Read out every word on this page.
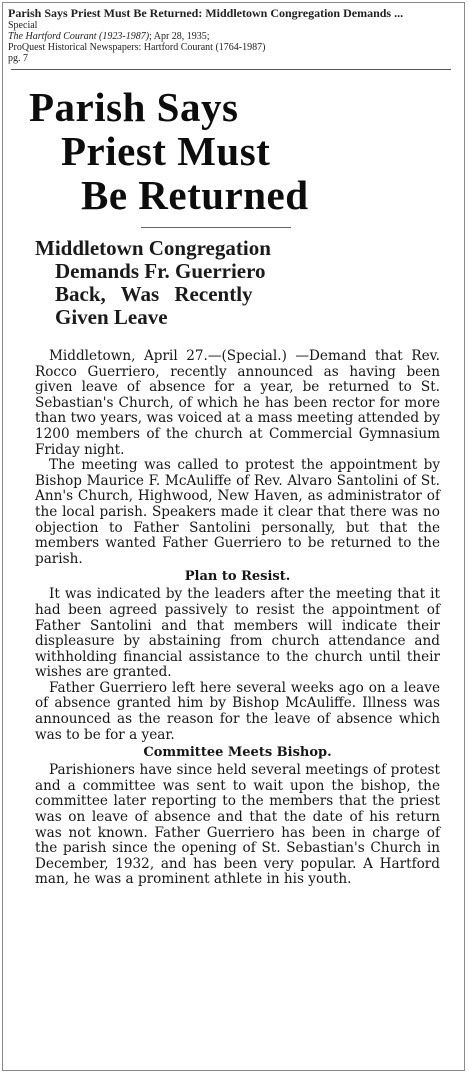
Parish Says Priest Must Be Returned: Middletown Congregation Demands ...
Special
The Hartford Courant (1923-1987); Apr 28, 1935;
ProQuest Historical Newspapers: Hartford Courant (1764-1987)
pg. 7
Parish Says
Priest Must
Be Returned
Middletown Congregation
Demands Fr. Guerriero
Back, Was Recently
Given Leave

Middletown, April 27.—(Special.) —Demand that Rev. Rocco Guerriero, recently announced as having been given leave of absence for a year, be returned to St. Sebastian's Church, of which he has been rector for more than two years, was voiced at a mass meeting attended by 1200 members of the church at Commercial Gymnasium Friday night.

The meeting was called to protest the appointment by Bishop Maurice F. McAuliffe of Rev. Alvaro Santolini of St. Ann's Church, Highwood, New Haven, as administrator of the local parish. Speakers made it clear that there was no objection to Father Santolini personally, but that the members wanted Father Guerriero to be returned to the parish.

Plan to Resist.

It was indicated by the leaders after the meeting that it had been agreed passively to resist the appointment of Father Santolini and that members will indicate their displeasure by abstaining from church attendance and withholding financial assistance to the church until their wishes are granted.

Father Guerriero left here several weeks ago on a leave of absence granted him by Bishop McAuliffe. Illness was announced as the reason for the leave of absence which was to be for a year.

Committee Meets Bishop.

Parishioners have since held several meetings of protest and a committee was sent to wait upon the bishop, the committee later reporting to the members that the priest was on leave of absence and that the date of his return was not known. Father Guerriero has been in charge of the parish since the opening of St. Sebastian's Church in December, 1932, and has been very popular. A Hartford man, he was a prominent athlete in his youth.
